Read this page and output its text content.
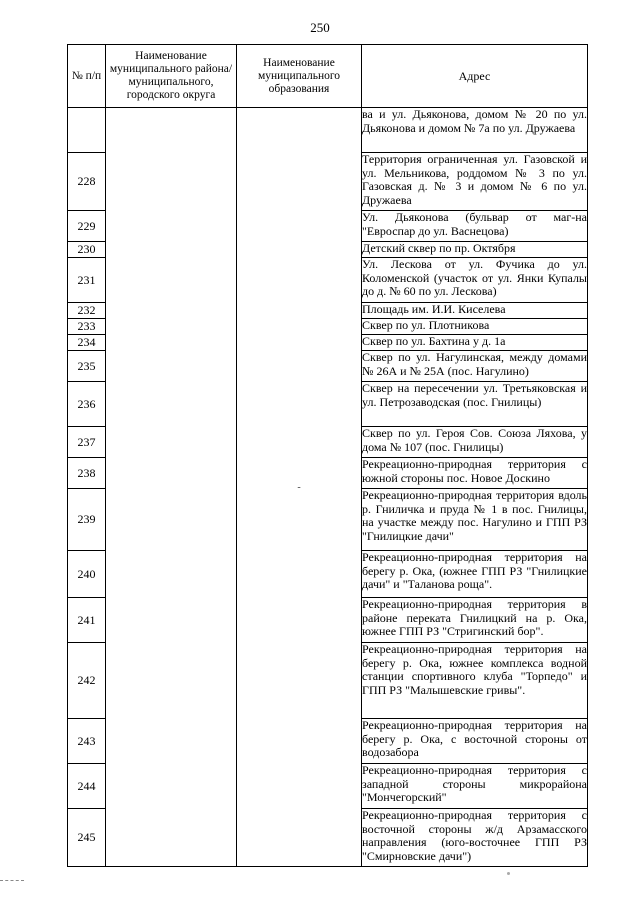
250
№ п/п	Наименование муниципального района/ муниципального, городского округа	Наименование муниципального образования	Адрес
		-	ва и ул. Дьяконова, домом № 20 по ул. Дьяконова и домом № 7а по ул. Дружаева
228			Территория ограниченная ул. Газовской и ул. Мельникова, роддомом № 3 по ул. Газовская д. № 3 и домом № 6 по ул. Дружаева
229			Ул. Дьяконова (бульвар от маг-на "Евроспар до ул. Васнецова)
230			Детский сквер по пр. Октября
231			Ул. Лескова от ул. Фучика до ул. Коломенской (участок от ул. Янки Купалы до д. № 60 по ул. Лескова)
232			Площадь им. И.И. Киселева
233			Сквер по ул. Плотникова
234			Сквер по ул. Бахтина у д. 1а
235			Сквер по ул. Нагулинская, между домами № 26А и № 25А (пос. Нагулино)
236			Сквер на пересечении ул. Третьяковская и ул. Петрозаводская (пос. Гнилицы)
237			Сквер по ул. Героя Сов. Союза Ляхова, у дома № 107 (пос. Гнилицы)
238			Рекреационно-природная территория с южной стороны пос. Новое Доскино
239			Рекреационно-природная территория вдоль р. Гниличка и пруда № 1 в пос. Гнилицы, на участке между пос. Нагулино и ГПП РЗ "Гнилицкие дачи"
240			Рекреационно-природная территория на берегу р. Ока, (южнее ГПП РЗ "Гнилицкие дачи" и "Таланова роща".
241			Рекреационно-природная территория в районе переката Гнилицкий на р. Ока, южнее ГПП РЗ "Стригинский бор".
242			Рекреационно-природная территория на берегу р. Ока, южнее комплекса водной станции спортивного клуба "Торпедо" и ГПП РЗ "Малышевские гривы".
243			Рекреационно-природная территория на берегу р. Ока, с восточной стороны от водозабора
244			Рекреационно-природная территория с западной стороны микрорайона "Мончегорский"
245			Рекреационно-природная территория с восточной стороны ж/д Арзамасского направления (юго-восточнее ГПП РЗ "Смирновские дачи")
